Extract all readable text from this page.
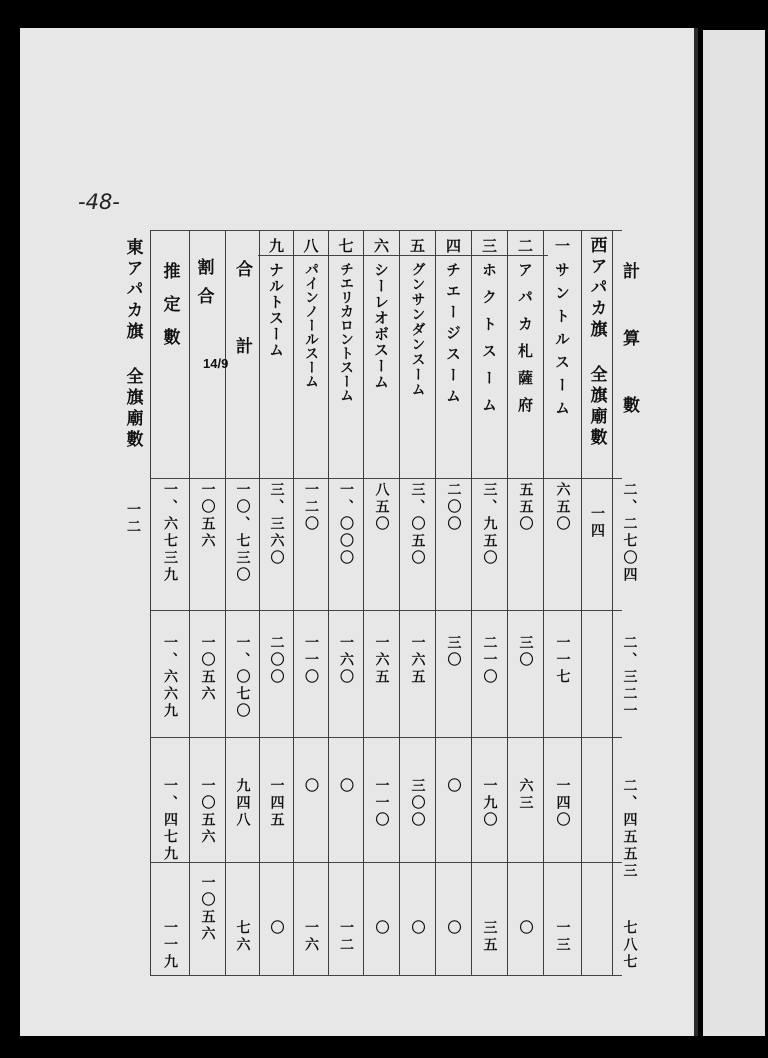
-48-
東アパカ旗 全旗廟數
一二
推定數
一、六七三九
一、六六九
一、四七九
一一九
割合
14/9
一〇五六
一〇五六
一〇五六
一〇五六
合計
一〇、七三〇
一、〇七〇
九四八
七六
九
ナルトスーム
三、三六〇
二〇〇
一四五
〇
八
パインノールスーム
一二〇
一一〇
〇
一六
七
チエリカロントスーム
一、〇〇〇
一六〇
〇
一二
六
シーレオボスーム
八五〇
一六五
一一〇
〇
五
グンサンダンスーム
三、〇五〇
一六五
三〇〇
〇
四
チエージスーム
二〇〇
三〇
〇
〇
三
ホクトスーム
三、九五〇
二一〇
一九〇
三五
二
アパカ札薩府
五五〇
三〇
六三
〇
一
サントルスーム
六五〇
一一七
一四〇
一三
西アパカ旗 全旗廟數
一四
計算數
二、二七〇四
二、三二一
二、四五五三
七八七
